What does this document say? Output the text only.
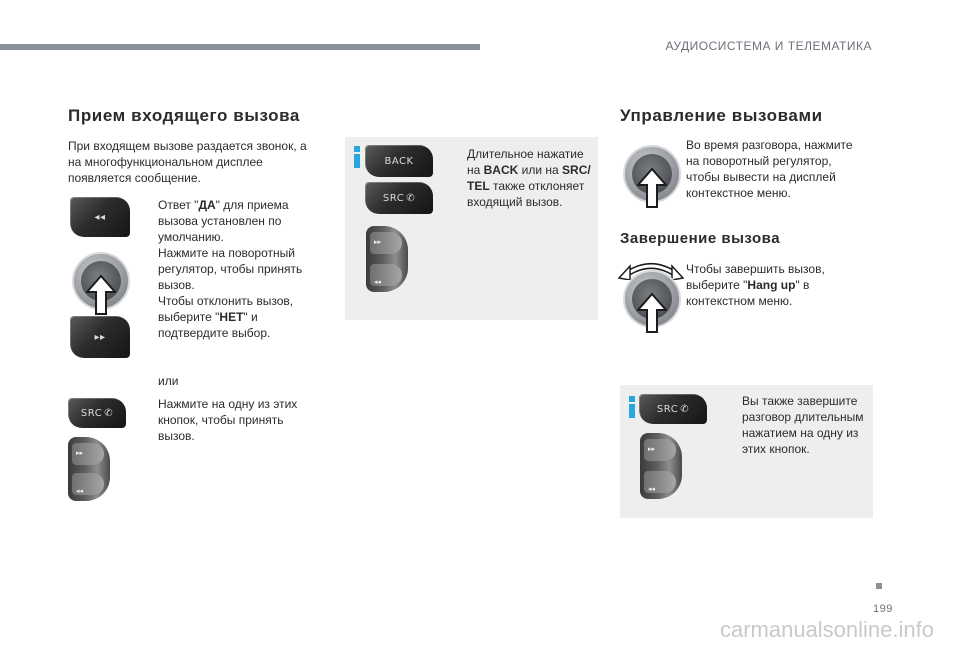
АУДИОСИСТЕМА И ТЕЛЕМАТИКА
Прием входящего вызова
При входящем вызове раздается звонок, а на многофункциональном дисплее появляется сообщение.
◂◂
▸▸
Ответ "ДА" для приема вызова установлен по умолчанию.
Нажмите на поворотный регулятор, чтобы принять вызов.
Чтобы отклонить вызов, выберите "НЕТ" и подтвердите выбор.
или
SRC ✆
▸▸
◂◂
Нажмите на одну из этих кнопок, чтобы принять вызов.
BACK
SRC ✆
▸▸
◂◂
Длительное нажатие на BACK или на SRC/ TEL также отклоняет входящий вызов.
Управление вызовами
Во время разговора, нажмите на поворотный регулятор, чтобы вывести на дисплей контекстное меню.
Завершение вызова
Чтобы завершить вызов, выберите "Hang up" в контекстном меню.
SRC ✆
▸▸
◂◂
Вы также завершите разговор длительным нажатием на одну из этих кнопок.
199
carmanualsonline.info
